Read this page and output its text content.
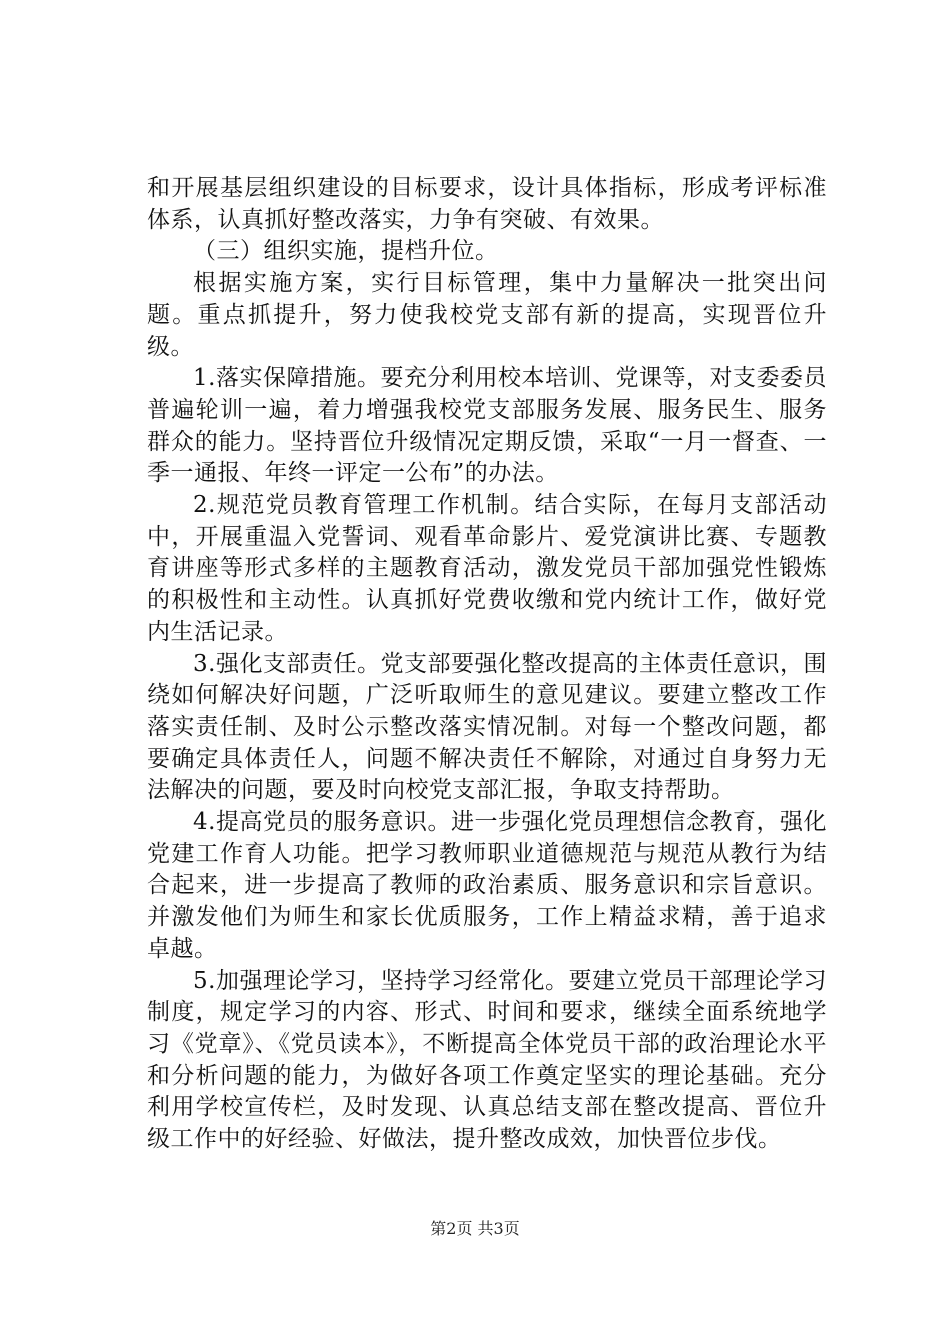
和开展基层组织建设的目标要求，设计具体指标，形成考评标准体系，认真抓好整改落实，力争有突破、有效果。

（三）组织实施，提档升位。

根据实施方案，实行目标管理，集中力量解决一批突出问题。重点抓提升，努力使我校党支部有新的提高，实现晋位升级。

1.落实保障措施。要充分利用校本培训、党课等，对支委委员普遍轮训一遍，着力增强我校党支部服务发展、服务民生、服务群众的能力。坚持晋位升级情况定期反馈，采取“一月一督查、一季一通报、年终一评定一公布”的办法。

2.规范党员教育管理工作机制。结合实际，在每月支部活动中，开展重温入党誓词、观看革命影片、爱党演讲比赛、专题教育讲座等形式多样的主题教育活动，激发党员干部加强党性锻炼的积极性和主动性。认真抓好党费收缴和党内统计工作，做好党内生活记录。

3.强化支部责任。党支部要强化整改提高的主体责任意识，围绕如何解决好问题，广泛听取师生的意见建议。要建立整改工作落实责任制、及时公示整改落实情况制。对每一个整改问题，都要确定具体责任人，问题不解决责任不解除，对通过自身努力无法解决的问题，要及时向校党支部汇报，争取支持帮助。

4.提高党员的服务意识。进一步强化党员理想信念教育，强化党建工作育人功能。把学习教师职业道德规范与规范从教行为结合起来，进一步提高了教师的政治素质、服务意识和宗旨意识。并激发他们为师生和家长优质服务，工作上精益求精，善于追求卓越。

5.加强理论学习，坚持学习经常化。要建立党员干部理论学习制度，规定学习的内容、形式、时间和要求，继续全面系统地学习《党章》、《党员读本》，不断提高全体党员干部的政治理论水平和分析问题的能力，为做好各项工作奠定坚实的理论基础。充分利用学校宣传栏，及时发现、认真总结支部在整改提高、晋位升级工作中的好经验、好做法，提升整改成效，加快晋位步伐。

第2页 共3页
